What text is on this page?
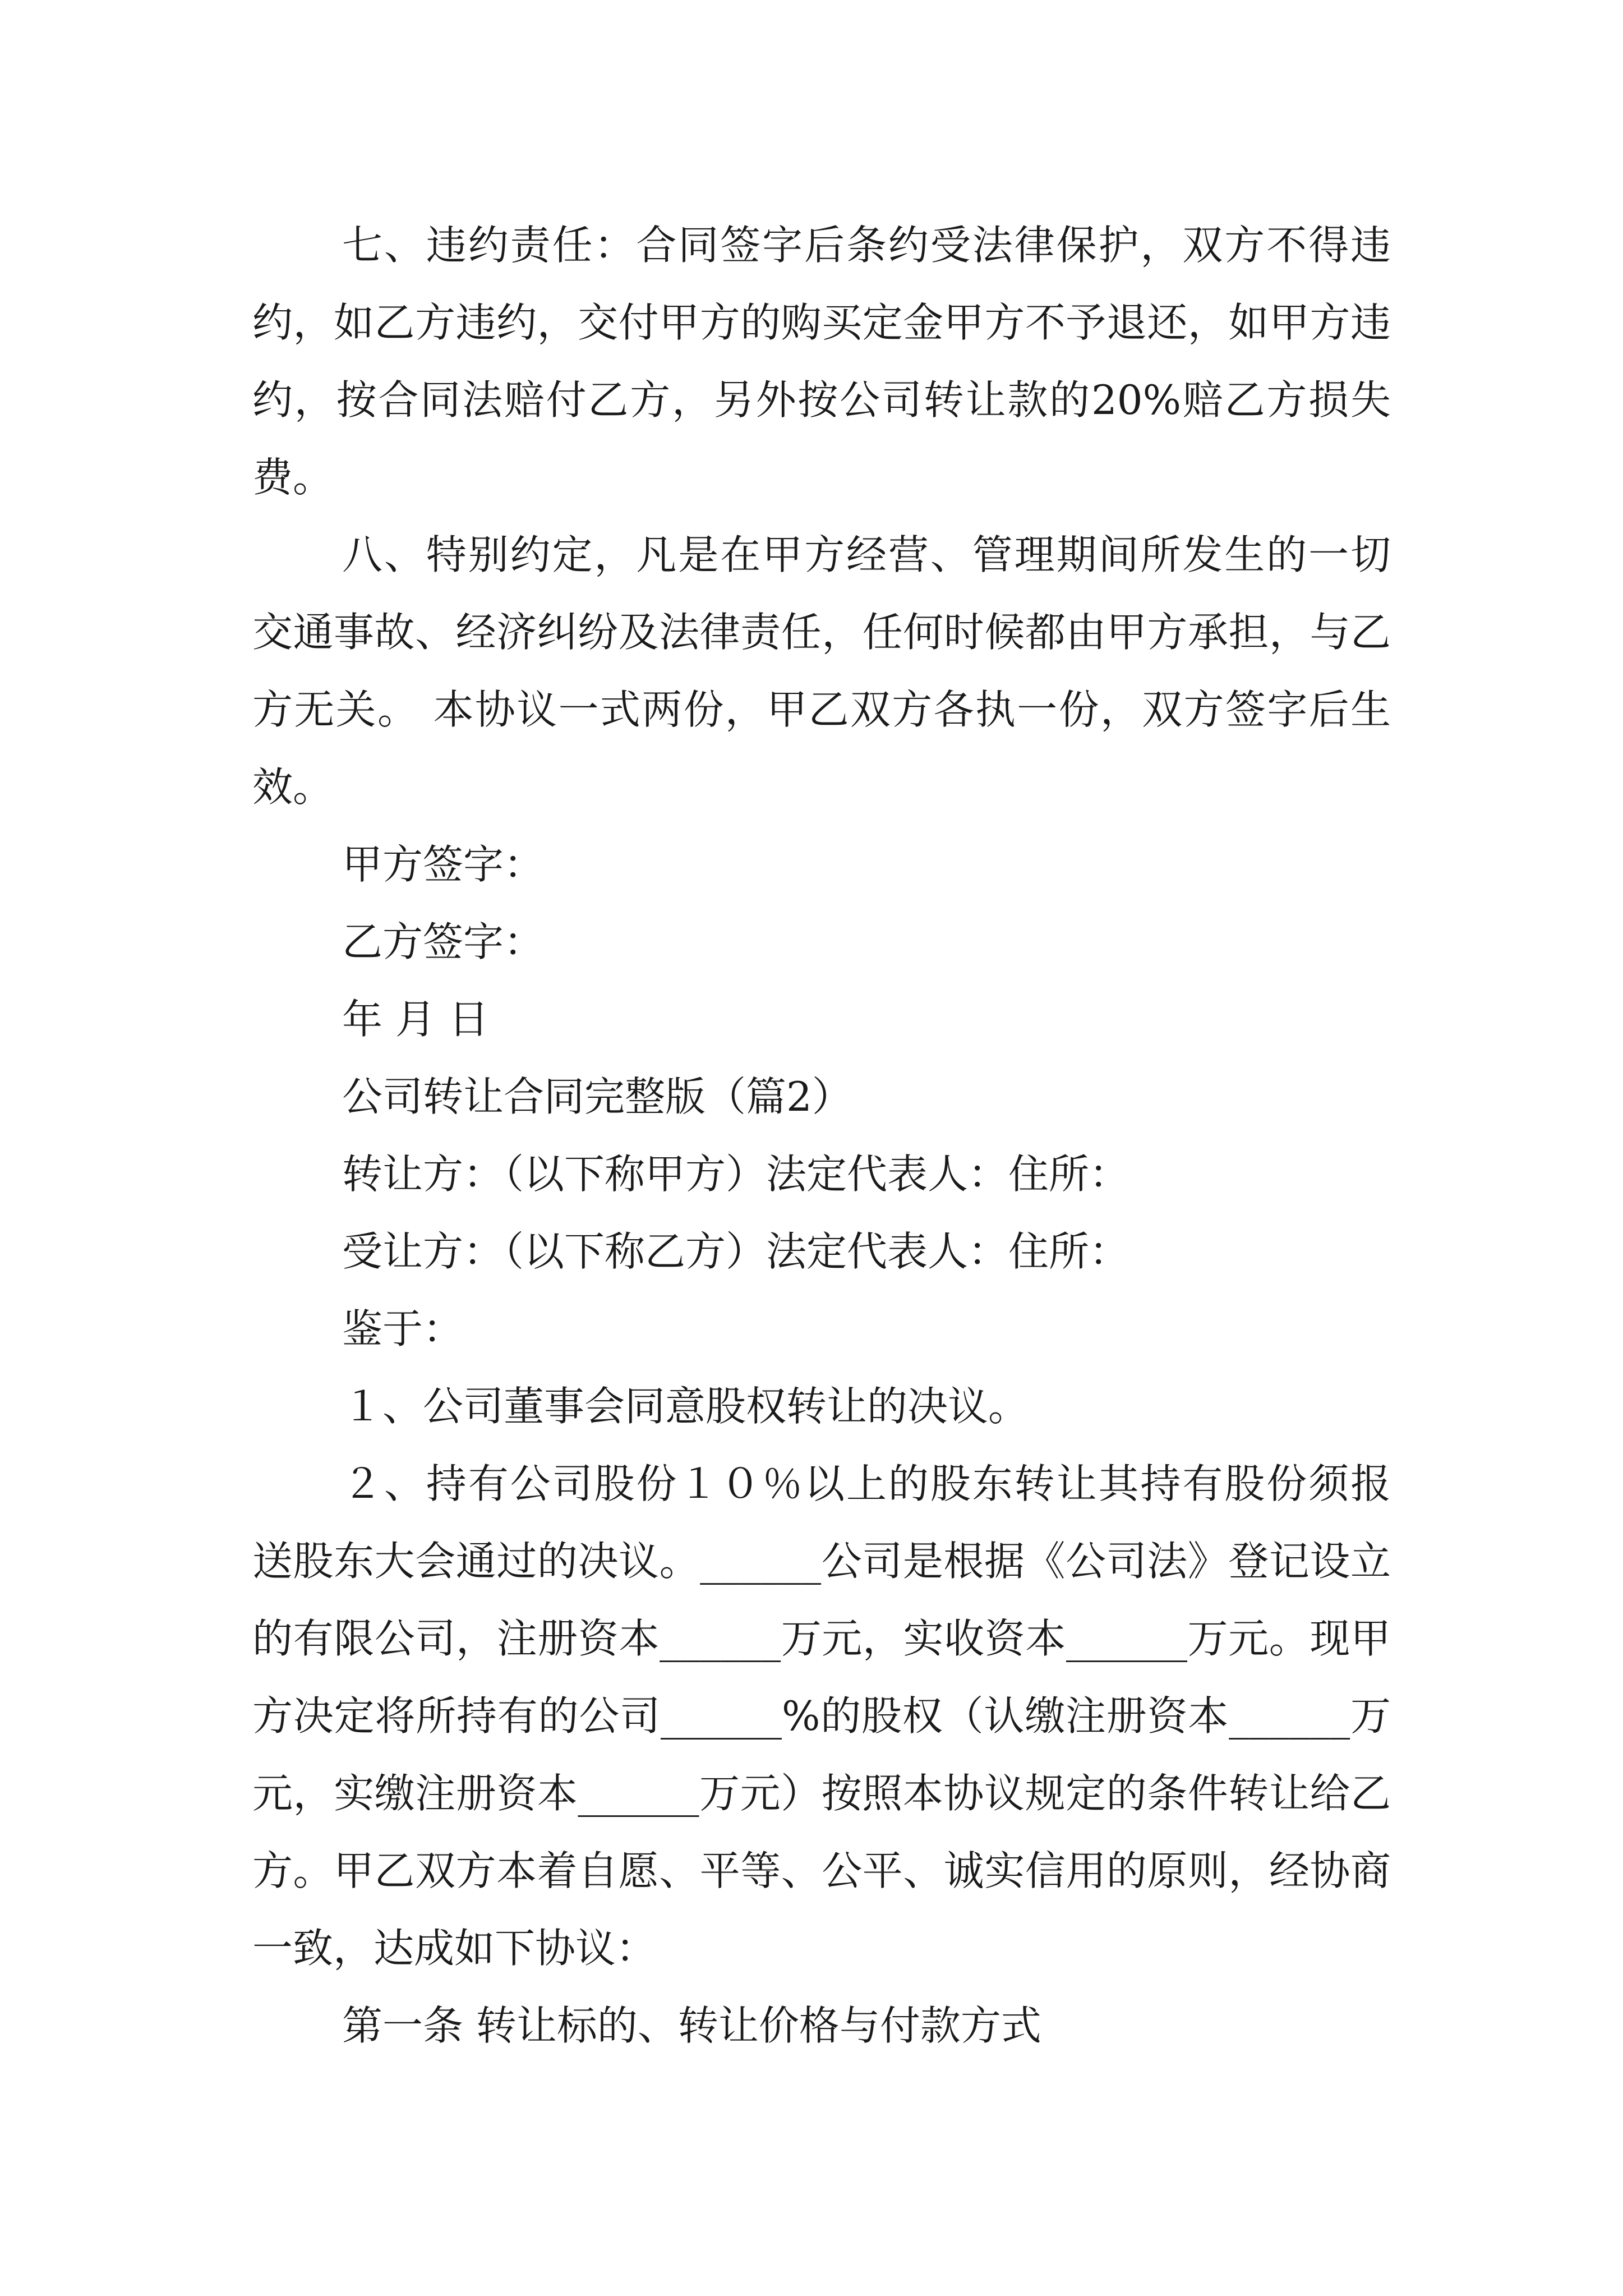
七、违约责任：合同签字后条约受法律保护，双方不得违约，如乙方违约，交付甲方的购买定金甲方不予退还，如甲方违约，按合同法赔付乙方，另外按公司转让款的20%赔乙方损失费。

八、特别约定，凡是在甲方经营、管理期间所发生的一切交通事故、经济纠纷及法律责任，任何时候都由甲方承担，与乙方无关。 本协议一式两份，甲乙双方各执一份，双方签字后生效。

甲方签字：

乙方签字：

年 月 日

公司转让合同完整版（篇2）

转让方：（以下称甲方）法定代表人：住所：

受让方：（以下称乙方）法定代表人：住所：

鉴于：

１、公司董事会同意股权转让的决议。

２、持有公司股份１０％以上的股东转让其持有股份须报送股东大会通过的决议。______公司是根据《公司法》登记设立的有限公司，注册资本______万元，实收资本______万元。现甲方决定将所持有的公司______%的股权（认缴注册资本______万元，实缴注册资本______万元）按照本协议规定的条件转让给乙方。甲乙双方本着自愿、平等、公平、诚实信用的原则，经协商一致，达成如下协议：

第一条 转让标的、转让价格与付款方式
